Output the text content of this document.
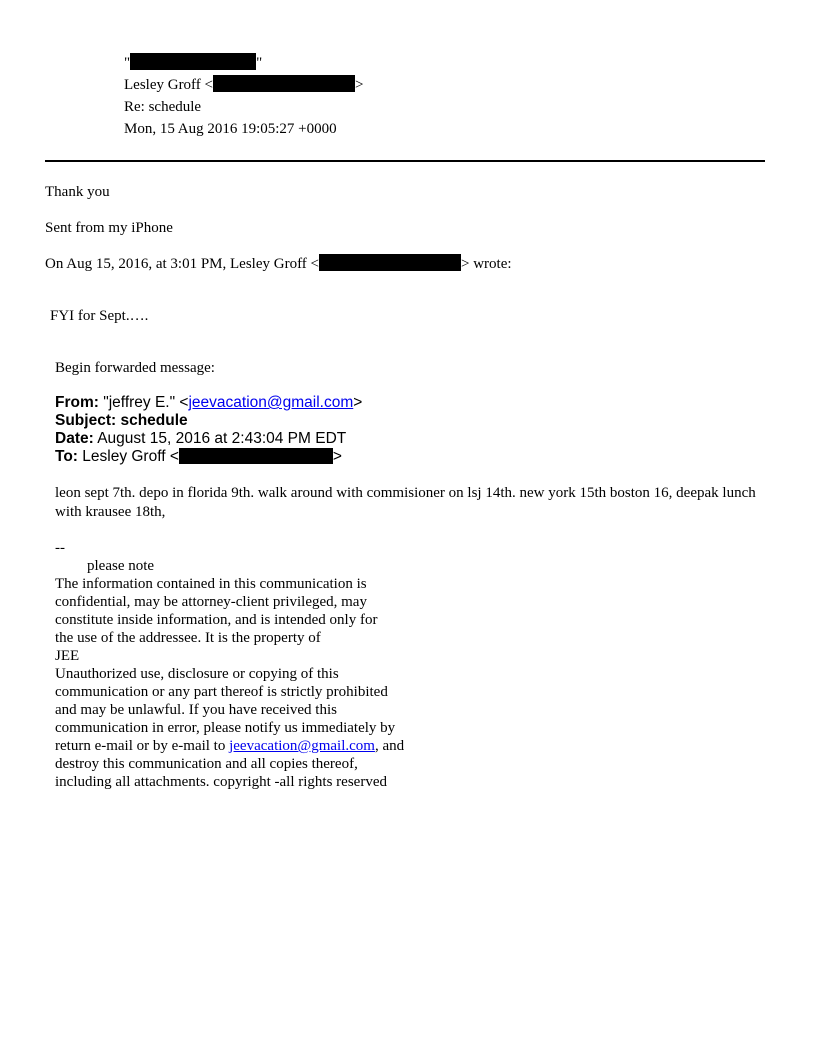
"	"
Lesley Groff <	>
Re: schedule
Mon, 15 Aug 2016 19:05:27 +0000
Thank you
Sent from my iPhone
On Aug 15, 2016, at 3:01 PM, Lesley Groff <	> wrote:
FYI for Sept.….
Begin forwarded message:
From: "jeffrey E." <jeevacation@gmail.com>
Subject: schedule
Date: August 15, 2016 at 2:43:04 PM EDT
To: Lesley Groff <	>
leon sept 7th. depo in florida 9th. walk around with commisioner on lsj 14th. new york 15th boston 16, deepak lunch with krausee 18th,
--
please note
The information contained in this communication is
confidential, may be attorney-client privileged, may
constitute inside information, and is intended only for
the use of the addressee. It is the property of
JEE
Unauthorized use, disclosure or copying of this
communication or any part thereof is strictly prohibited
and may be unlawful. If you have received this
communication in error, please notify us immediately by
return e-mail or by e-mail to jeevacation@gmail.com, and
destroy this communication and all copies thereof,
including all attachments. copyright -all rights reserved
